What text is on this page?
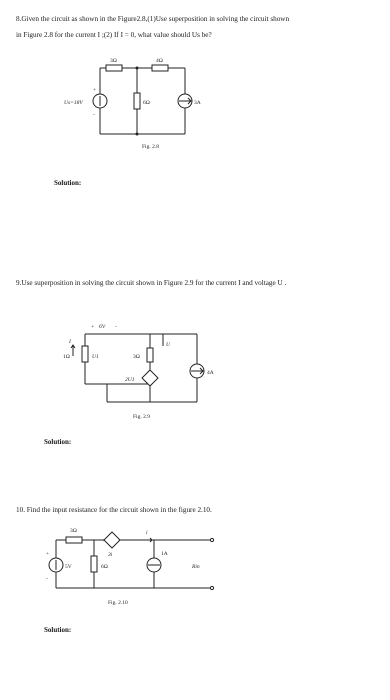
8.Given the circuit as shown in the Figure2.8,(1)Use superposition in solving the circuit shown
in Figure 2.8 for the current I ;(2) If I = 0, what value should Us be?
3Ω	4Ω
6Ω
Us=18V
+
-
3A
Fig. 2.8
Solution:
9.Use superposition in solving the circuit shown in Figure 2.9 for the current I and voltage U .
+ 6V -
I
1Ω	U1	3Ω
U
2U1
4A
Fig. 2.9
Solution:
10. Find the input resistance for the circuit shown in the figure 2.10.
3Ω
+ -
3i
6Ω
+
-
5V
i
1A
Rin
Fig. 2.10
Solution:
